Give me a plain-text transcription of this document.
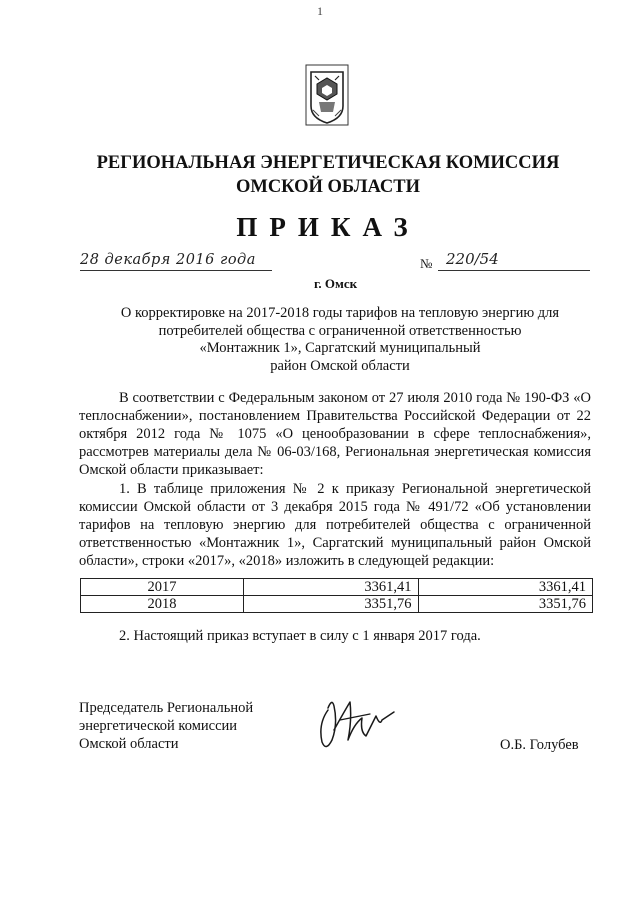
1
РЕГИОНАЛЬНАЯ ЭНЕРГЕТИЧЕСКАЯ КОМИССИЯ
ОМСКОЙ ОБЛАСТИ
ПРИКАЗ
28 декабря 2016 года
г. Омск
№ 220/54
О корректировке на 2017-2018 годы тарифов на тепловую энергию для
потребителей общества с ограниченной ответственностью
«Монтажник 1», Саргатский муниципальный
район Омской области

В соответствии с Федеральным законом от 27 июля 2010 года № 190-ФЗ «О теплоснабжении», постановлением Правительства Российской Федерации от 22 октября 2012 года № 1075 «О ценообразовании в сфере теплоснабжения», рассмотрев материалы дела № 06-03/168, Региональная энергетическая комиссия Омской области приказывает:

1. В таблице приложения № 2 к приказу Региональной энергетической комиссии Омской области от 3 декабря 2015 года № 491/72 «Об установлении тарифов на тепловую энергию для потребителей общества с ограниченной ответственностью «Монтажник 1», Саргатский муниципальный район Омской области», строки «2017», «2018» изложить в следующей редакции:

2017	3361,41	3361,41
2018	3351,76	3351,76
2. Настоящий приказ вступает в силу с 1 января 2017 года.
Председатель Региональной
энергетической комиссии
Омской области	О.Б. Голубев
